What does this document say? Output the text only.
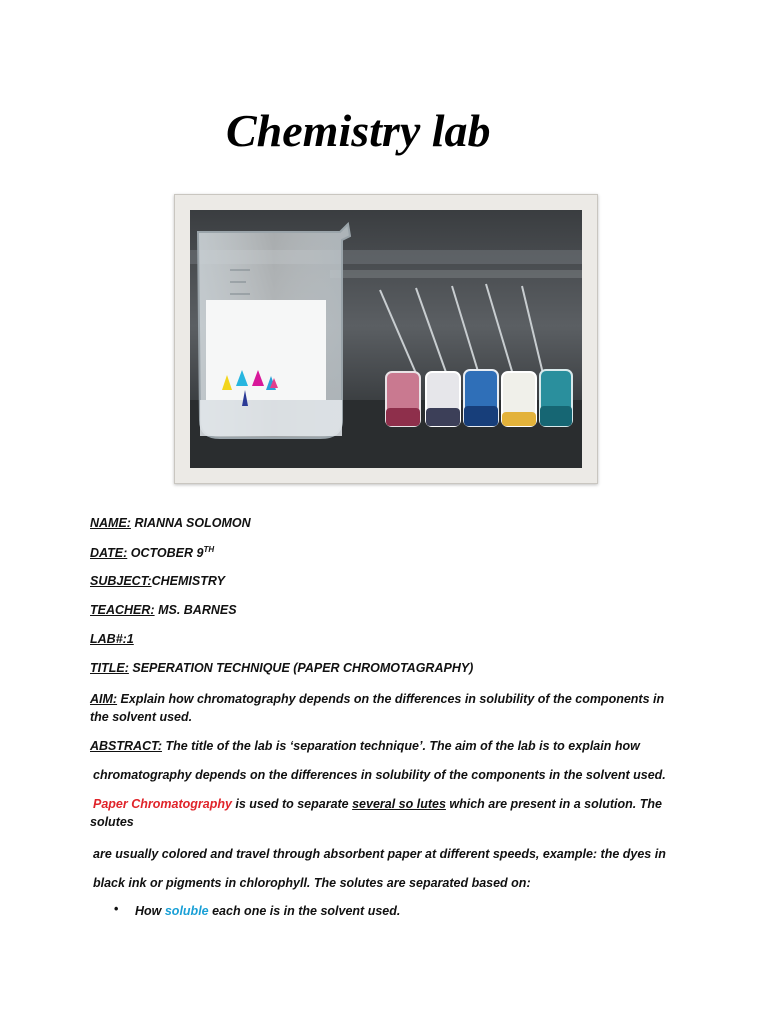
Chemistry lab

NAME: RIANNA SOLOMON

DATE: OCTOBER 9TH

SUBJECT:CHEMISTRY

TEACHER: MS. BARNES

LAB#:1

TITLE: SEPERATION TECHNIQUE (PAPER CHROMOTAGRAPHY)

AIM: Explain how chromatography depends on the differences in solubility of the components in the solvent used.

ABSTRACT: The title of the lab is ‘separation technique’. The aim of the lab is to explain how

chromatography depends on the differences in solubility of the components in the solvent used.

Paper Chromatography is used to separate several so lutes which are present in a solution. The

solutes

are usually colored and travel through absorbent paper at different speeds, example: the dyes in

black ink or pigments in chlorophyll. The solutes are separated based on:

• How soluble each one is in the solvent used.
